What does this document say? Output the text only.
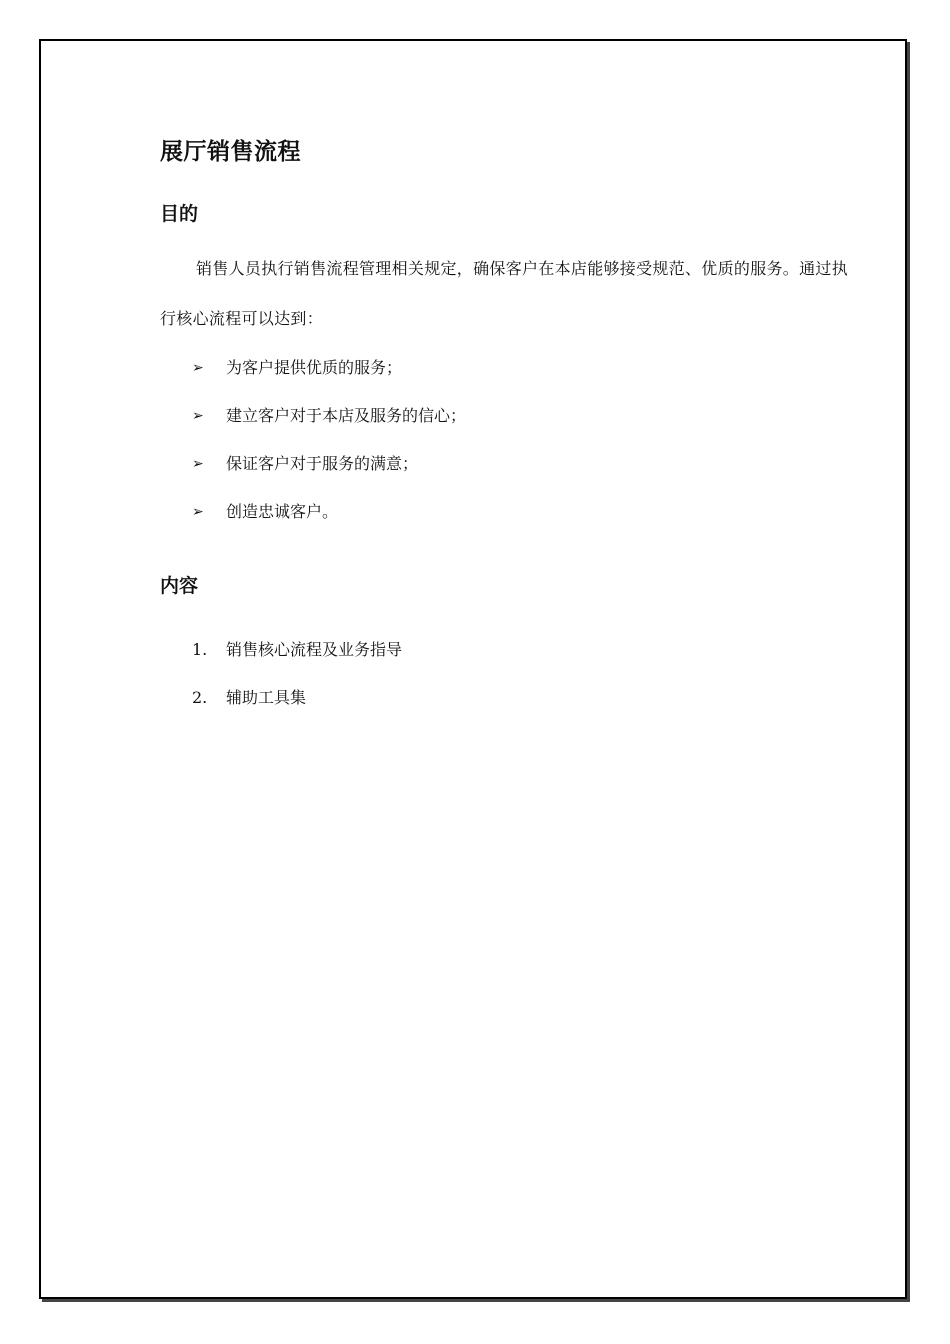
展厅销售流程
目的

销售人员执行销售流程管理相关规定，确保客户在本店能够接受规范、优质的服务。通过执行核心流程可以达到：

➢ 为客户提供优质的服务；
➢ 建立客户对于本店及服务的信心；
➢ 保证客户对于服务的满意；
➢ 创造忠诚客户。
内容
1. 销售核心流程及业务指导
2. 辅助工具集
